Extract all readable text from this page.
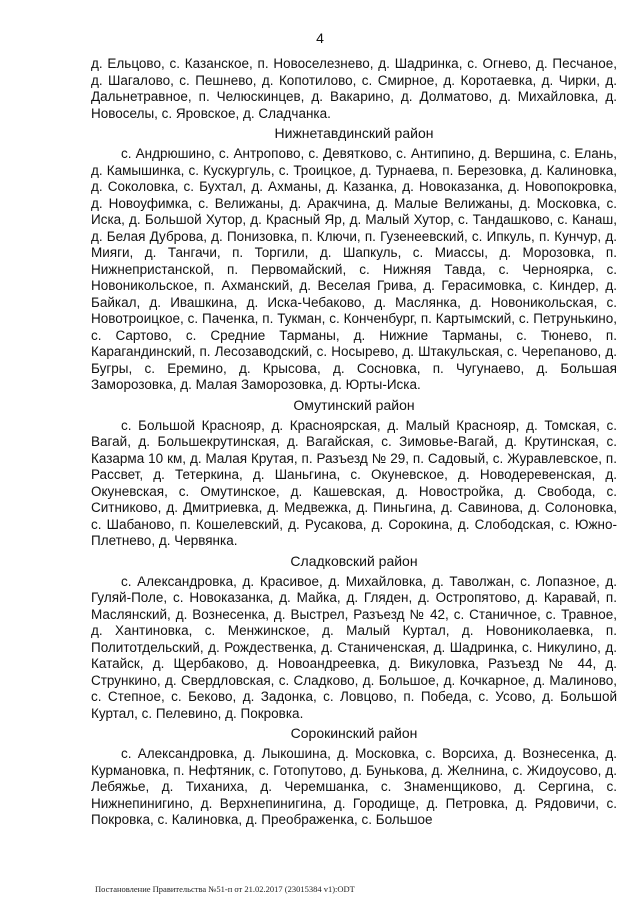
4

д. Ельцово, с. Казанское, п. Новоселезнево, д. Шадринка, с. Огнево, д. Песчаное, д. Шагалово, с. Пешнево, д. Копотилово, с. Смирное, д. Коротаевка, д. Чирки, д. Дальнетравное, п. Челюскинцев, д. Вакарино, д. Долматово, д. Михайловка, д. Новоселы, с. Яровское, д. Сладчанка.

Нижнетавдинский район

с. Андрюшино, с. Антропово, с. Девятково, с. Антипино, д. Вершина, с. Елань, д. Камышинка, с. Кускургуль, с. Троицкое, д. Турнаева, п. Березовка, д. Калиновка, д. Соколовка, с. Бухтал, д. Ахманы, д. Казанка, д. Новоказанка, д. Новопокровка, д. Новоуфимка, с. Велижаны, д. Аракчина, д. Малые Велижаны, д. Московка, с. Иска, д. Большой Хутор, д. Красный Яр, д. Малый Хутор, с. Тандашково, с. Канаш, д. Белая Дуброва, д. Понизовка, п. Ключи, п. Гузенеевский, с. Ипкуль, п. Кунчур, д. Мияги, д. Тангачи, п. Торгили, д. Шапкуль, с. Миассы, д. Морозовка, п. Нижнепристанской, п. Первомайский, с. Нижняя Тавда, с. Черноярка, с. Новоникольское, п. Ахманский, д. Веселая Грива, д. Герасимовка, с. Киндер, д. Байкал, д. Ивашкина, д. Иска-Чебаково, д. Маслянка, д. Новоникольская, с. Новотроицкое, с. Паченка, п. Тукман, с. Конченбург, п. Картымский, с. Петрунькино, с. Сартово, с. Средние Тарманы, д. Нижние Тарманы, с. Тюнево, п. Карагандинский, п. Лесозаводский, с. Носырево, д. Штакульская, с. Черепаново, д. Бугры, с. Еремино, д. Крысова, д. Сосновка, п. Чугунаево, д. Большая Заморозовка, д. Малая Заморозовка, д. Юрты-Иска.

Омутинский район

с. Большой Краснояр, д. Красноярская, д. Малый Краснояр, д. Томская, с. Вагай, д. Большекрутинская, д. Вагайская, с. Зимовье-Вагай, д. Крутинская, с. Казарма 10 км, д. Малая Крутая, п. Разъезд № 29, п. Садовый, с. Журавлевское, п. Рассвет, д. Тетеркина, д. Шаньгина, с. Окуневское, д. Новодеревенская, д. Окуневская, с. Омутинское, д. Кашевская, д. Новостройка, д. Свобода, с. Ситниково, д. Дмитриевка, д. Медвежка, д. Пиньгина, д. Савинова, д. Солоновка, с. Шабаново, п. Кошелевский, д. Русакова, д. Сорокина, д. Слободская, с. Южно-Плетнево, д. Червянка.

Сладковский район

с. Александровка, д. Красивое, д. Михайловка, д. Таволжан, с. Лопазное, д. Гуляй-Поле, с. Новоказанка, д. Майка, д. Гляден, д. Остропятово, д. Каравай, п. Маслянский, д. Вознесенка, д. Выстрел, Разъезд № 42, с. Станичное, с. Травное, д. Хантиновка, с. Менжинское, д. Малый Куртал, д. Новониколаевка, п. Политотдельский, д. Рождественка, д. Станиченская, д. Шадринка, с. Никулино, д. Катайск, д. Щербаково, д. Новоандреевка, д. Викуловка, Разъезд № 44, д. Стрункино, д. Свердловская, с. Сладково, д. Большое, д. Кочкарное, д. Малиново, с. Степное, с. Беково, д. Задонка, с. Ловцово, п. Победа, с. Усово, д. Большой Куртал, с. Пелевино, д. Покровка.

Сорокинский район

с. Александровка, д. Лыкошина, д. Московка, с. Ворсиха, д. Вознесенка, д. Курмановка, п. Нефтяник, с. Готопутово, д. Бунькова, д. Желнина, с. Жидоусово, д. Лебяжье, д. Тиханиха, д. Черемшанка, с. Знаменщиково, д. Сергина, с. Нижнепинигино, д. Верхнепинигина, д. Городище, д. Петровка, д. Рядовичи, с. Покровка, с. Калиновка, д. Преображенка, с. Большое

Постановление Правительства №51-п от 21.02.2017 (23015384 v1):ODT
